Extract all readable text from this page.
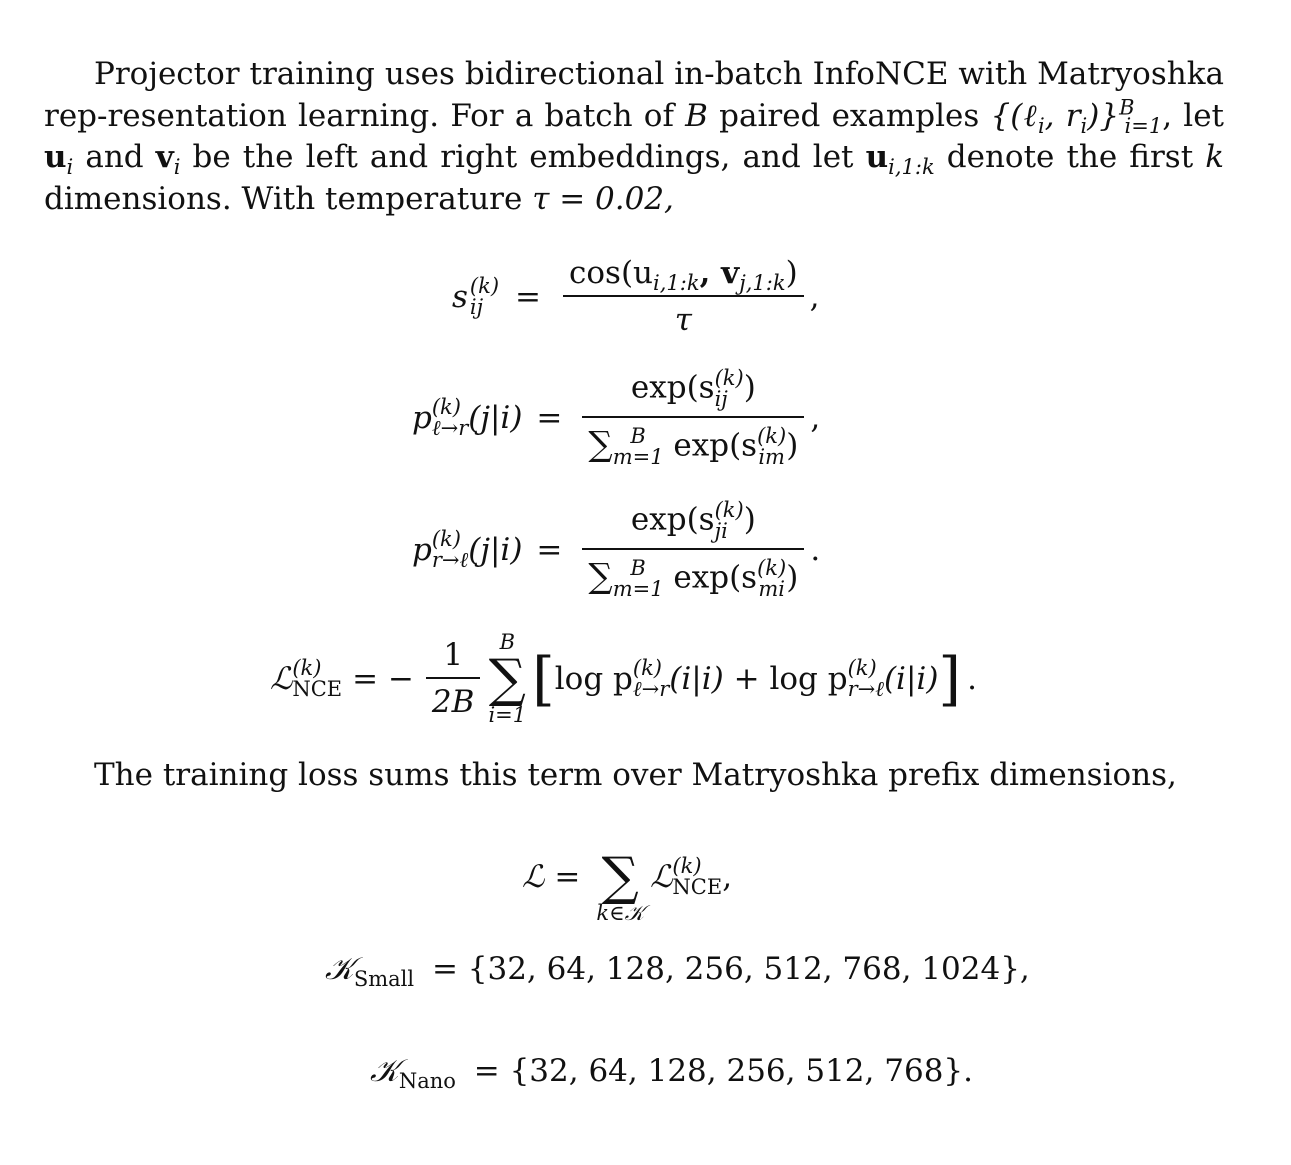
Projector training uses bidirectional in-batch InfoNCE with Matryoshka rep-resentation learning. For a batch of B paired examples {(ℓ$_i$, $r_i)\}^B_{i=1}$, let $u_i$ and $v_i$ be the left and right embeddings, and let $u_{i,1:k}$ denote the first k dimensions. With temperature τ = 0.02,
s (k)
ij	= $\frac{\cos(u_{i,1:k}, v_{j,1:k})}{\tau}$ ,
p (k)
ℓ→r (j|i) = exp(s (k)
ij )
∑ B
m=1 exp(s (k)
im ) ,
p (k)
r→ℓ (j|i) = exp(s (k)
ji )
∑ B
m=1 exp(s (k)
mi ) .
ℒ (k)
NCE = − $\frac{1}{2B}$ B
∑
i=1
[ log p (k)
ℓ→r (i|i) + log p (k)
r→ℓ (i|i) ] .
The training loss sums this term over Matryoshka prefix dimensions,
ℒ = ∑
k∈𝒦
ℒ (k)
NCE ,
𝒦$_{Small}$ = {32, 64, 128, 256, 512, 768, 1024},
𝒦$_{Nano}$ = {32, 64, 128, 256, 512, 768}.
